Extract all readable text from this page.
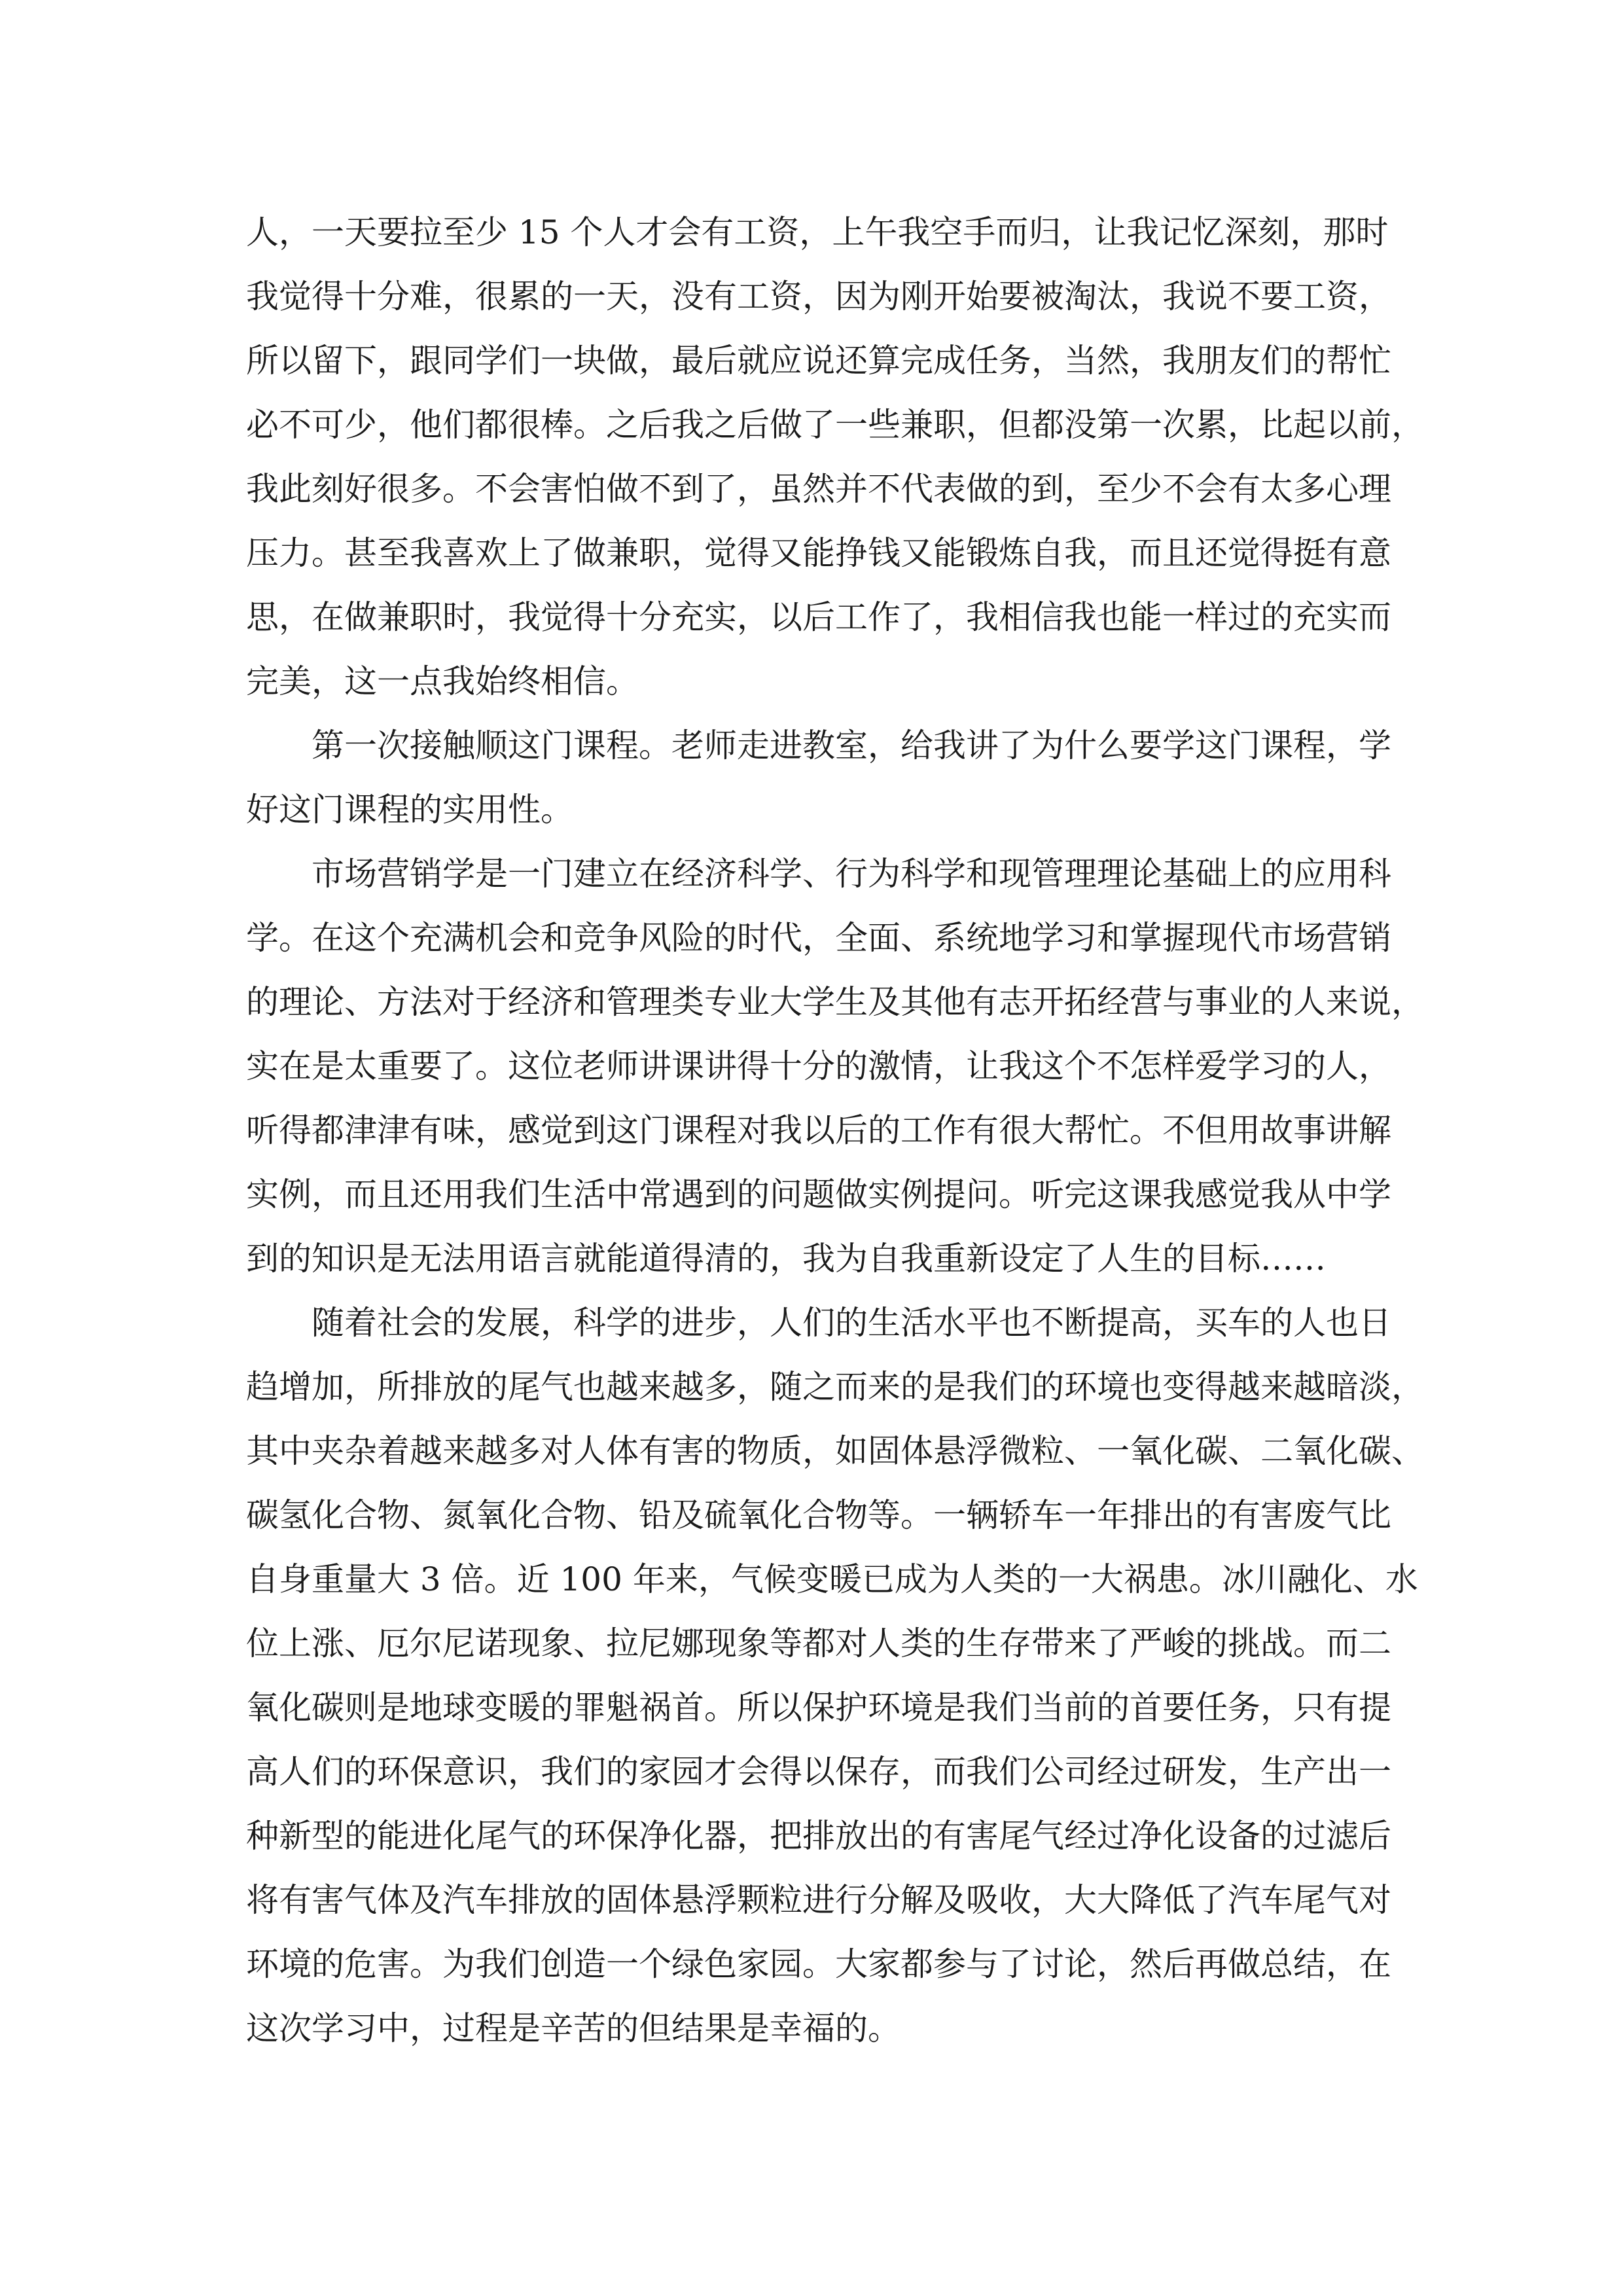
人，一天要拉至少 15 个人才会有工资，上午我空手而归，让我记忆深刻，那时
我觉得十分难，很累的一天，没有工资，因为刚开始要被淘汰，我说不要工资，
所以留下，跟同学们一块做，最后就应说还算完成任务，当然，我朋友们的帮忙
必不可少，他们都很棒。之后我之后做了一些兼职，但都没第一次累，比起以前，
我此刻好很多。不会害怕做不到了，虽然并不代表做的到，至少不会有太多心理
压力。甚至我喜欢上了做兼职，觉得又能挣钱又能锻炼自我，而且还觉得挺有意
思，在做兼职时，我觉得十分充实，以后工作了，我相信我也能一样过的充实而
完美，这一点我始终相信。
第一次接触顺这门课程。老师走进教室，给我讲了为什么要学这门课程，学
好这门课程的实用性。
市场营销学是一门建立在经济科学、行为科学和现管理理论基础上的应用科
学。在这个充满机会和竞争风险的时代，全面、系统地学习和掌握现代市场营销
的理论、方法对于经济和管理类专业大学生及其他有志开拓经营与事业的人来说，
实在是太重要了。这位老师讲课讲得十分的激情，让我这个不怎样爱学习的人，
听得都津津有味，感觉到这门课程对我以后的工作有很大帮忙。不但用故事讲解
实例，而且还用我们生活中常遇到的问题做实例提问。听完这课我感觉我从中学
到的知识是无法用语言就能道得清的，我为自我重新设定了人生的目标……
随着社会的发展，科学的进步，人们的生活水平也不断提高，买车的人也日
趋增加，所排放的尾气也越来越多，随之而来的是我们的环境也变得越来越暗淡，
其中夹杂着越来越多对人体有害的物质，如固体悬浮微粒、一氧化碳、二氧化碳、
碳氢化合物、氮氧化合物、铅及硫氧化合物等。一辆轿车一年排出的有害废气比
自身重量大 3 倍。近 100 年来，气候变暖已成为人类的一大祸患。冰川融化、水
位上涨、厄尔尼诺现象、拉尼娜现象等都对人类的生存带来了严峻的挑战。而二
氧化碳则是地球变暖的罪魁祸首。所以保护环境是我们当前的首要任务，只有提
高人们的环保意识，我们的家园才会得以保存，而我们公司经过研发，生产出一
种新型的能进化尾气的环保净化器，把排放出的有害尾气经过净化设备的过滤后
将有害气体及汽车排放的固体悬浮颗粒进行分解及吸收，大大降低了汽车尾气对
环境的危害。为我们创造一个绿色家园。大家都参与了讨论，然后再做总结，在
这次学习中，过程是辛苦的但结果是幸福的。
